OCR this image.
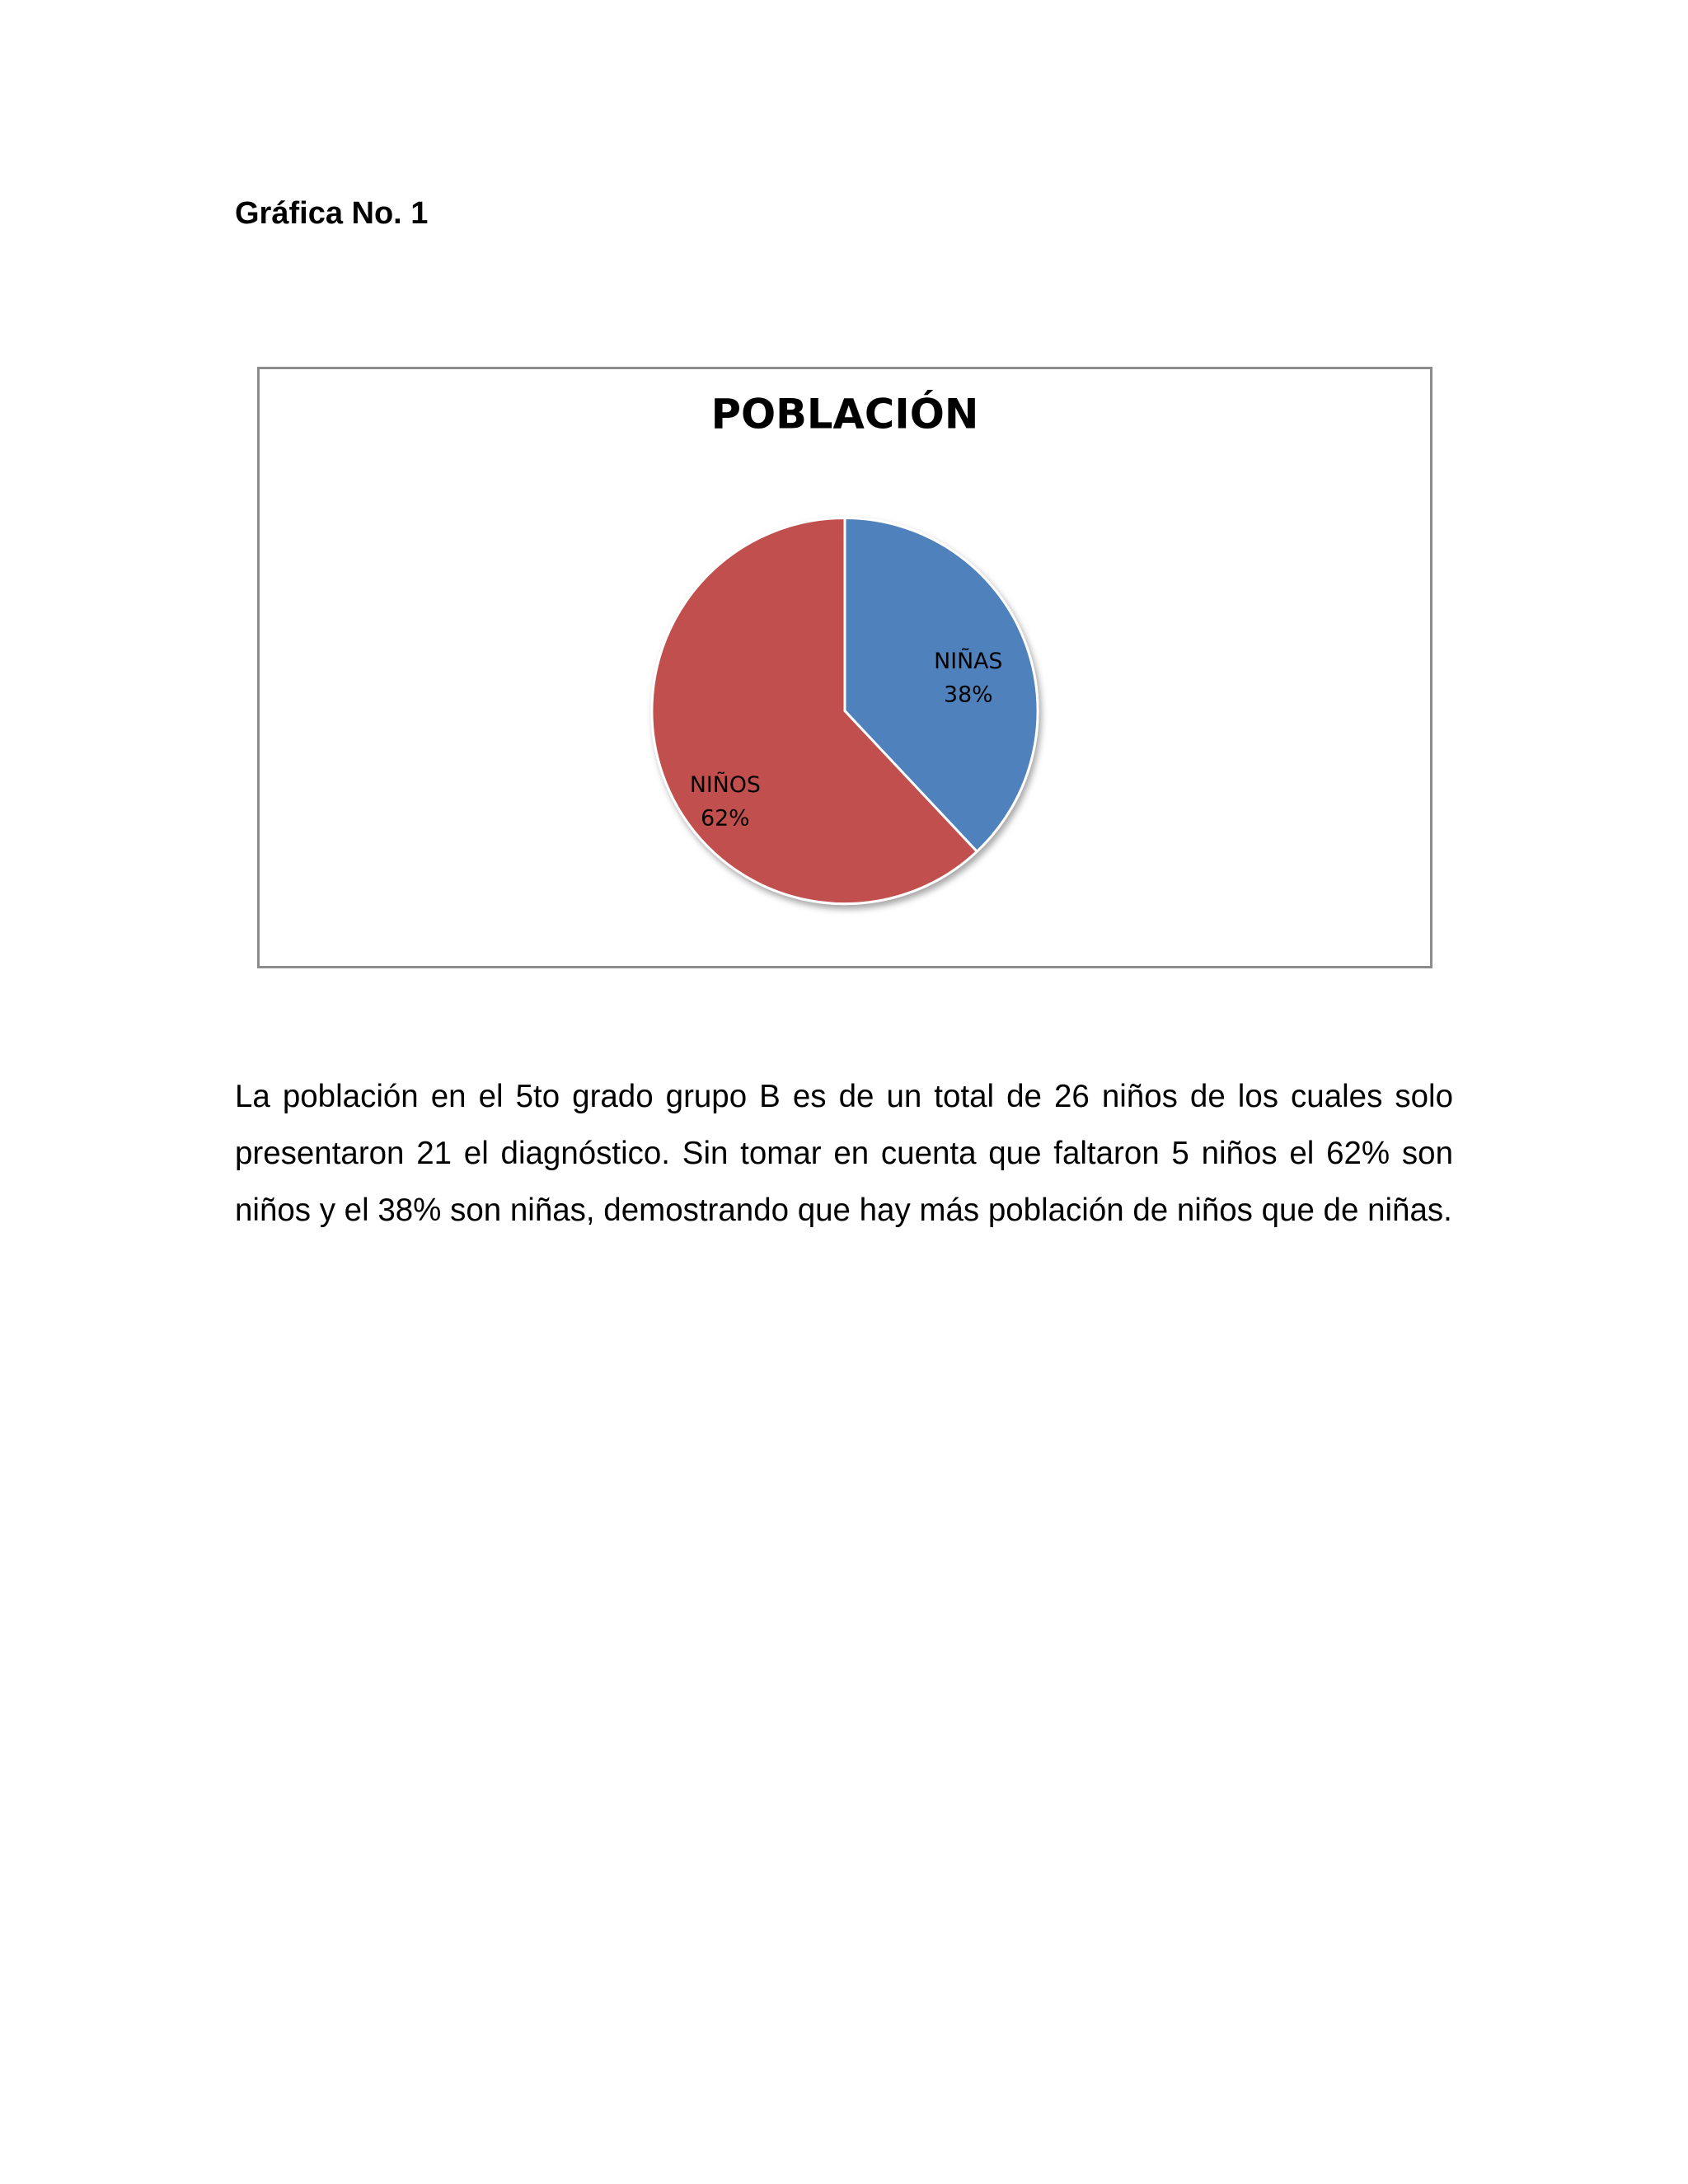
Gráfica No. 1
POBLACIÓN
NIÑAS
38%
NIÑOS
62%

La población en el 5to grado grupo B es de un total de 26 niños de los cuales solo presentaron 21 el diagnóstico. Sin tomar en cuenta que faltaron 5 niños el 62% son niños y el 38% son niñas, demostrando que hay más población de niños que de niñas.
